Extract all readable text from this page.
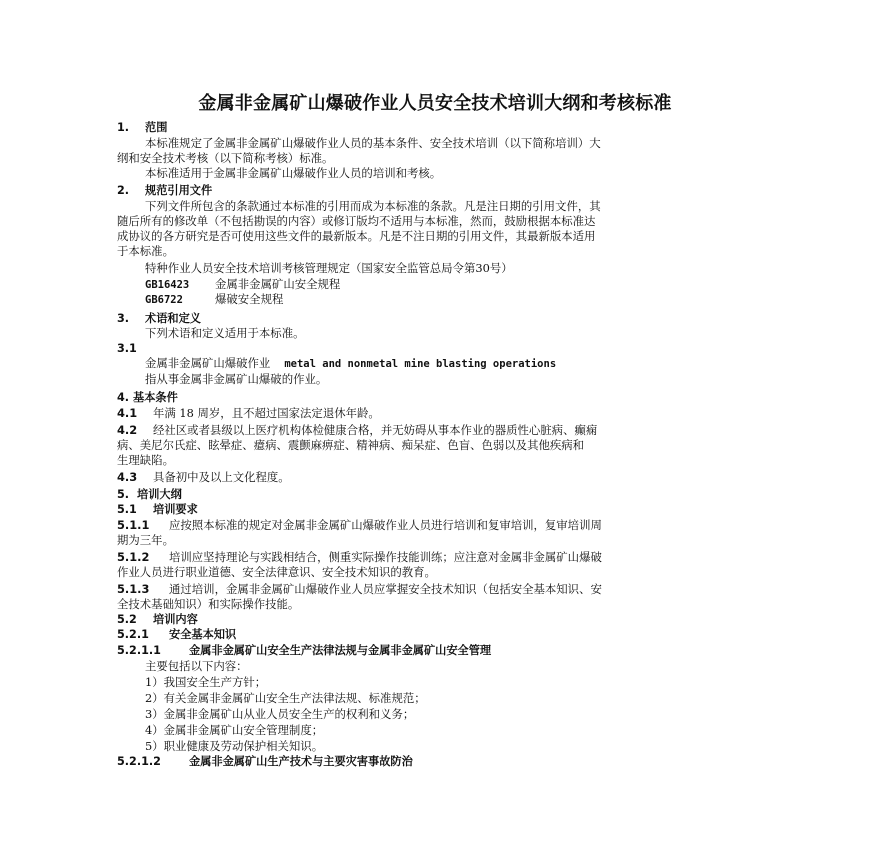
金属非金属矿山爆破作业人员安全技术培训大纲和考核标准
1. 范围
本标准规定了金属非金属矿山爆破作业人员的基本条件、安全技术培训（以下简称培训）大
纲和安全技术考核（以下简称考核）标准。
本标准适用于金属非金属矿山爆破作业人员的培训和考核。
2. 规范引用文件
下列文件所包含的条款通过本标准的引用而成为本标准的条款。凡是注日期的引用文件，其
随后所有的修改单（不包括勘误的内容）或修订版均不适用与本标准，然而，鼓励根据本标准达
成协议的各方研究是否可使用这些文件的最新版本。凡是不注日期的引用文件，其最新版本适用
于本标准。
特种作业人员安全技术培训考核管理规定（国家安全监管总局令第30号）
GB16423 金属非金属矿山安全规程
GB6722	爆破安全规程
3. 术语和定义
下列术语和定义适用于本标准。
3.1
金属非金属矿山爆破作业 metal and nonmetal mine blasting operations
指从事金属非金属矿山爆破的作业。
4. 基本条件
4.1 年满 18 周岁，且不超过国家法定退休年龄。
4.2 经社区或者县级以上医疗机构体检健康合格，并无妨碍从事本作业的器质性心脏病、癫痫
病、美尼尔氏症、眩晕症、癔病、震颤麻痹症、精神病、痴呆症、色盲、色弱以及其他疾病和
生理缺陷。
4.3 具备初中及以上文化程度。
5. 培训大纲
5.1 培训要求
5.1.1 应按照本标准的规定对金属非金属矿山爆破作业人员进行培训和复审培训，复审培训周
期为三年。
5.1.2 培训应坚持理论与实践相结合，侧重实际操作技能训练；应注意对金属非金属矿山爆破
作业人员进行职业道德、安全法律意识、安全技术知识的教育。
5.1.3 通过培训，金属非金属矿山爆破作业人员应掌握安全技术知识（包括安全基本知识、安
全技术基础知识）和实际操作技能。
5.2 培训内容
5.2.1 安全基本知识
5.2.1.1	金属非金属矿山安全生产法律法规与金属非金属矿山安全管理
主要包括以下内容：
1）我国安全生产方针；
2）有关金属非金属矿山安全生产法律法规、标准规范；
3）金属非金属矿山从业人员安全生产的权利和义务；
4）金属非金属矿山安全管理制度；
5）职业健康及劳动保护相关知识。
5.2.1.2	金属非金属矿山生产技术与主要灾害事故防治
